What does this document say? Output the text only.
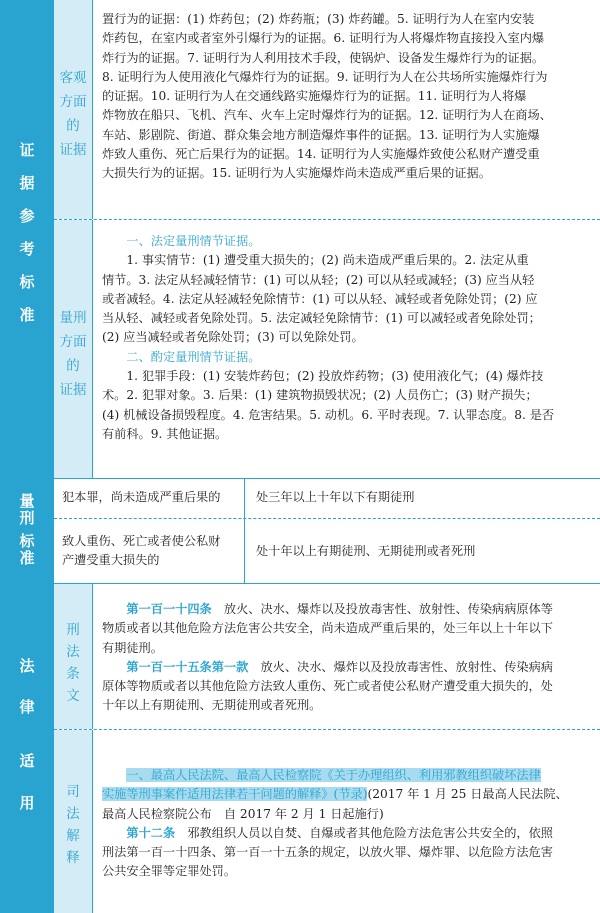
证
据
参
考
标
准
客观
方面
的
证据

置行为的证据：(1) 炸药包；(2) 炸药瓶；(3) 炸药罐。5. 证明行为人在室内安装

炸药包，在室内或者室外引爆行为的证据。6. 证明行为人将爆炸物直接投入室内爆

炸行为的证据。7. 证明行为人利用技术手段，使锅炉、设备发生爆炸行为的证据。

8. 证明行为人使用液化气爆炸行为的证据。9. 证明行为人在公共场所实施爆炸行为

的证据。10. 证明行为人在交通线路实施爆炸行为的证据。11. 证明行为人将爆

炸物放在船只、飞机、汽车、火车上定时爆炸行为的证据。12. 证明行为人在商场、

车站、影剧院、街道、群众集会地方制造爆炸事件的证据。13. 证明行为人实施爆

炸致人重伤、死亡后果行为的证据。14. 证明行为人实施爆炸致使公私财产遭受重

大损失行为的证据。15. 证明行为人实施爆炸尚未造成严重后果的证据。

量刑
方面
的
证据

一、法定量刑情节证据。

1. 事实情节：(1) 遭受重大损失的；(2) 尚未造成严重后果的。2. 法定从重

情节。3. 法定从轻减轻情节：(1) 可以从轻；(2) 可以从轻或减轻；(3) 应当从轻

或者减轻。4. 法定从轻减轻免除情节：(1) 可以从轻、减轻或者免除处罚；(2) 应

当从轻、减轻或者免除处罚。5. 法定减轻免除情节：(1) 可以减轻或者免除处罚；

(2) 应当减轻或者免除处罚；(3) 可以免除处罚。

二、酌定量刑情节证据。

1. 犯罪手段：(1) 安装炸药包；(2) 投放炸药物；(3) 使用液化气；(4) 爆炸技

术。2. 犯罪对象。3. 后果：(1) 建筑物损毁状况；(2) 人员伤亡；(3) 财产损失；

(4) 机械设备损毁程度。4. 危害结果。5. 动机。6. 平时表现。7. 认罪态度。8. 是否

有前科。9. 其他证据。

量
刑
标
准

犯本罪，尚未造成严重后果的	处三年以上十年以下有期徒刑

致人重伤、死亡或者使公私财

产遭受重大损失的

处十年以上有期徒刑、无期徒刑或者死刑

法
律
适
用
刑
法
条
文

第一百一十四条　 放火、决水、爆炸以及投放毒害性、放射性、传染病病原体等

物质或者以其他危险方法危害公共安全，尚未造成严重后果的，处三年以上十年以下

有期徒刑。

第一百一十五条第一款　 放火、决水、爆炸以及投放毒害性、放射性、传染病病

原体等物质或者以其他危险方法致人重伤、死亡或者使公私财产遭受重大损失的，处

十年以上有期徒刑、无期徒刑或者死刑。

司
法
解
释

一、最高人民法院、最高人民检察院《关于办理组织、利用邪教组织破坏法律

实施等刑事案件适用法律若干问题的解释》(节录)(2017 年 1 月 25 日最高人民法院、

最高人民检察院公布　自 2017 年 2 月 1 日起施行)

第十二条　 邪教组织人员以自焚、自爆或者其他危险方法危害公共安全的，依照

刑法第一百一十四条、第一百一十五条的规定，以放火罪、爆炸罪、以危险方法危害

公共安全罪等定罪处罚。
